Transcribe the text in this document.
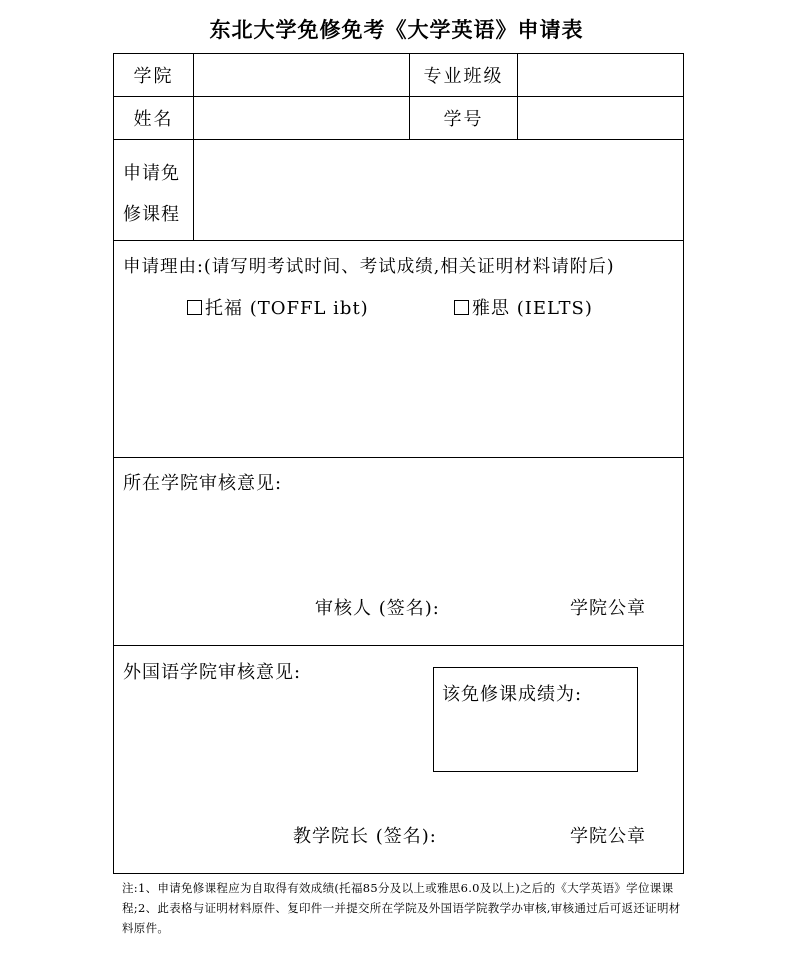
东北大学免修免考《大学英语》申请表
学院	专业班级
姓名	学号
申请免
修课程
申请理由:(请写明考试时间、考试成绩,相关证明材料请附后)
托福 (TOFFL ibt)	雅思 (IELTS)
所在学院审核意见:
审核人 (签名):	学院公章
外国语学院审核意见:
该免修课成绩为:
教学院长 (签名):	学院公章
注:1、申请免修课程应为自取得有效成绩(托福85分及以上或雅思6.0及以上)之后的《大学英语》学位课课程;2、此表格与证明材料原件、复印件一并提交所在学院及外国语学院教学办审核,审核通过后可返还证明材料原件。
